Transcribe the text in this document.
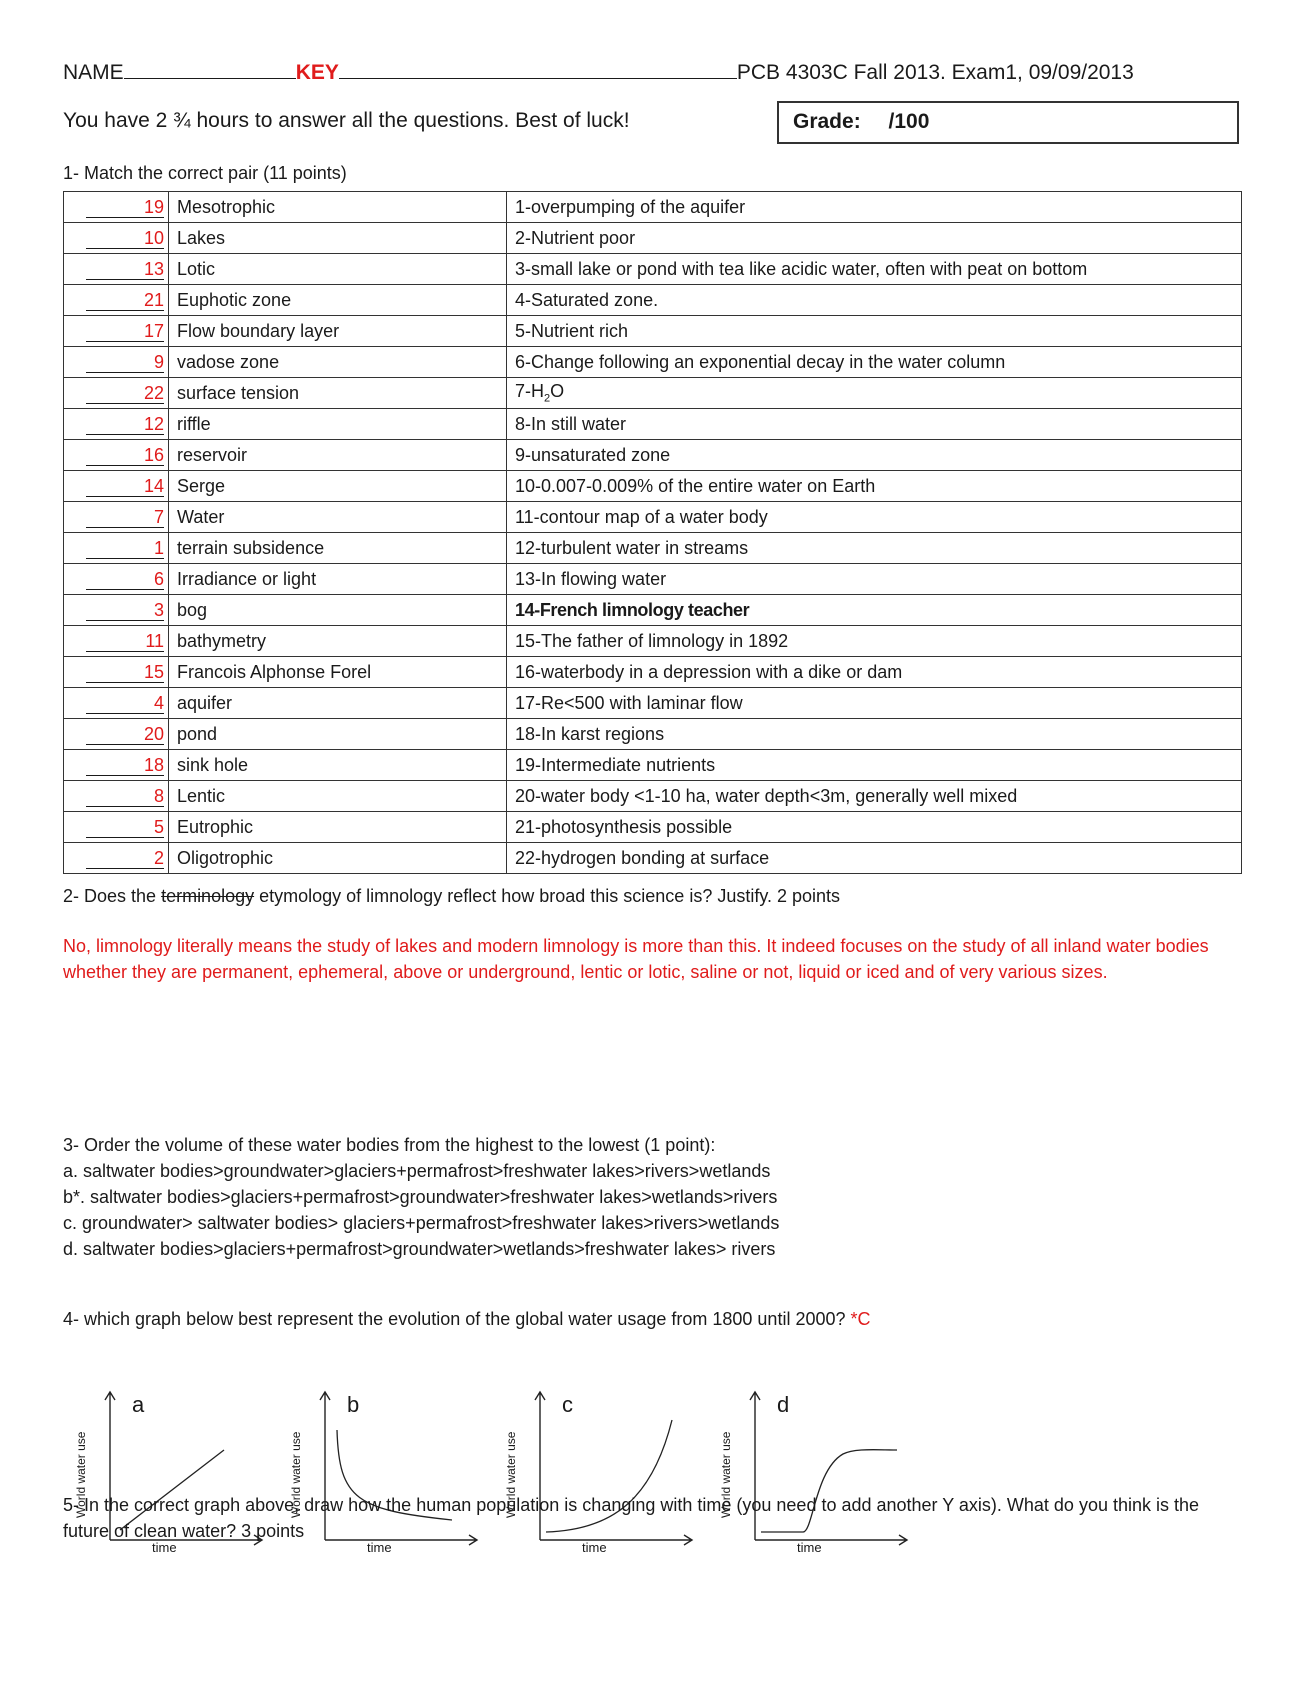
NAME	KEY	PCB 4303C Fall 2013. Exam1, 09/09/2013
You have 2 ¾ hours to answer all the questions. Best of luck!	Grade: /100
1- Match the correct pair (11 points)
19	Mesotrophic	1-overpumping of the aquifer
10	Lakes	2-Nutrient poor
13	Lotic	3-small lake or pond with tea like acidic water, often with peat on bottom
21	Euphotic zone	4-Saturated zone.
17	Flow boundary layer	5-Nutrient rich
9	vadose zone	6-Change following an exponential decay in the water column
22	surface tension	$7-H_2O$
12	riffle	8-In still water
16	reservoir	9-unsaturated zone
14	Serge	10-0.007-0.009% of the entire water on Earth
7	Water	11-contour map of a water body
1	terrain subsidence	12-turbulent water in streams
6	Irradiance or light	13-In flowing water
3	bog	14-French limnology teacher
11	bathymetry	15-The father of limnology in 1892
15	Francois Alphonse Forel	16-waterbody in a depression with a dike or dam
4	aquifer	17-Re<500 with laminar flow
20	pond	18-In karst regions
18	sink hole	19-Intermediate nutrients
8	Lentic	20-water body <1-10 ha, water depth<3m, generally well mixed
5	Eutrophic	21-photosynthesis possible
2	Oligotrophic	22-hydrogen bonding at surface
2- Does the terminology etymology of limnology reflect how broad this science is? Justify. 2 points
No, limnology literally means the study of lakes and modern limnology is more than this. It indeed focuses on the study of all inland water bodies whether they are permanent, ephemeral, above or underground, lentic or lotic, saline or not, liquid or iced and of very various sizes.
3- Order the volume of these water bodies from the highest to the lowest (1 point):
a. saltwater bodies>groundwater>glaciers+permafrost>freshwater lakes>rivers>wetlands
b*. saltwater bodies>glaciers+permafrost>groundwater>freshwater lakes>wetlands>rivers
c. groundwater> saltwater bodies> glaciers+permafrost>freshwater lakes>rivers>wetlands
d. saltwater bodies>glaciers+permafrost>groundwater>wetlands>freshwater lakes> rivers
4- which graph below best represent the evolution of the global water usage from 1800 until 2000? *C
a
World water use
time
b
World water use
time
c
World water use
time
d
World water use
time
5- In the correct graph above, draw how the human population is changing with time (you need to add another Y axis). What do you think is the future of clean water? 3 points
